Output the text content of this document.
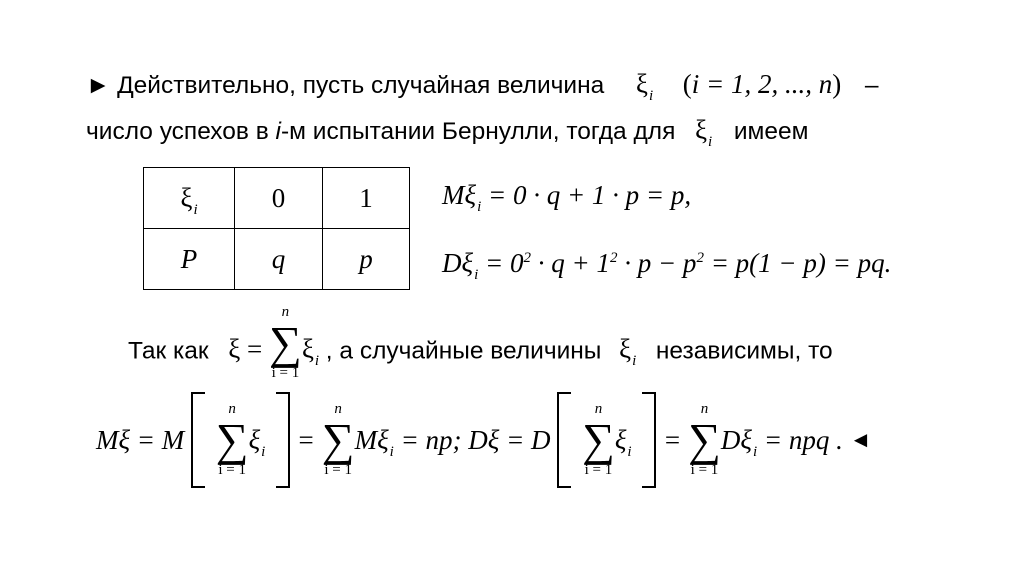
► Действительно, пусть случайная величина $\xi_i$ (i = 1, 2, ..., n) –
число успехов в i-м испытании Бернулли, тогда для $\xi_i$ имеем
$\xi_i$	0	1
P	q	p
$M\xi_i = 0 \cdot q + 1 \cdot p = p$,
$D\xi_i = 0^2 \cdot q + 1^2 \cdot p - p^2 = p(1 - p)$ = pq.
Так как ξ =
n
∑
i = 1
$\xi_i$ , а случайные величины $\xi_i$ независимы, то
Mξ = M
n
∑
i = 1
$\xi_i$  =
n
∑
i = 1
$M\xi_i$ = np; Dξ = D
n
∑
i = 1
$\xi_i$  =
n
∑
i = 1
$D\xi_i$ = npq . ◄
